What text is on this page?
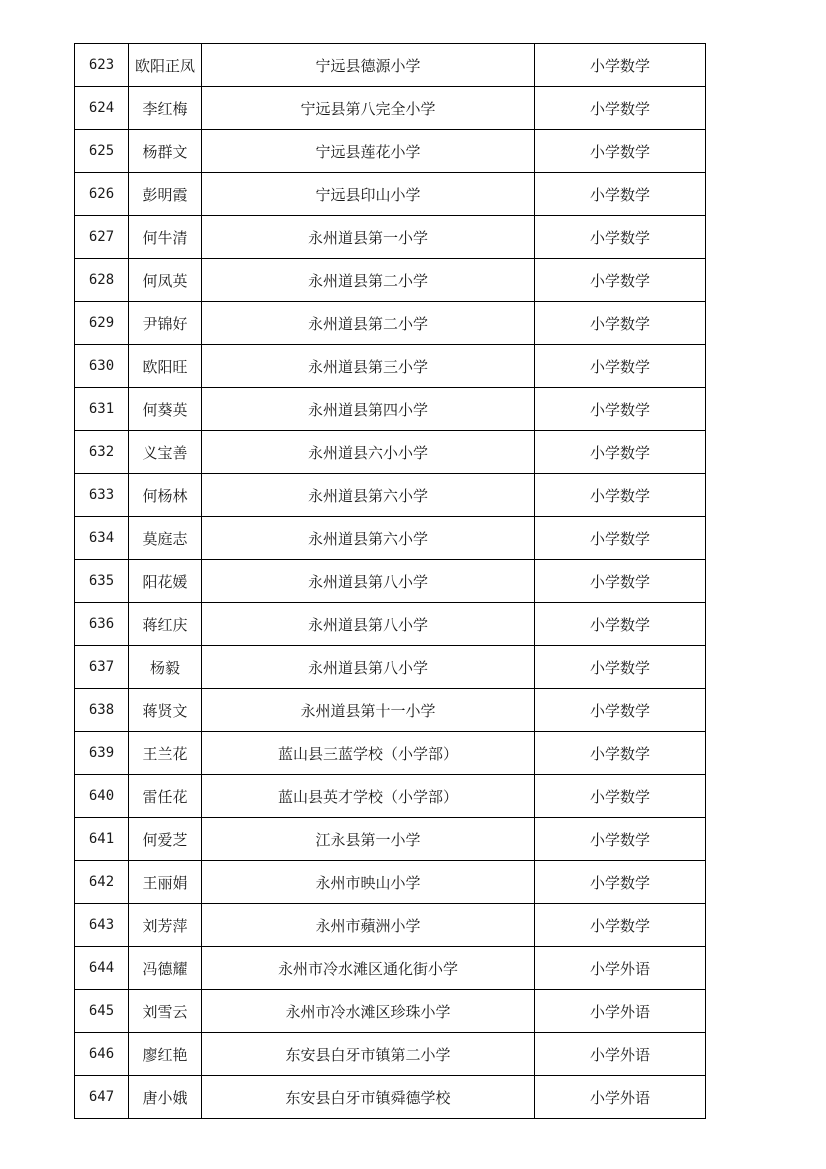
623	欧阳正凤	宁远县德源小学	小学数学
624	李红梅	宁远县第八完全小学	小学数学
625	杨群文	宁远县莲花小学	小学数学
626	彭明霞	宁远县印山小学	小学数学
627	何牛清	永州道县第一小学	小学数学
628	何凤英	永州道县第二小学	小学数学
629	尹锦好	永州道县第二小学	小学数学
630	欧阳旺	永州道县第三小学	小学数学
631	何葵英	永州道县第四小学	小学数学
632	义宝善	永州道县六小小学	小学数学
633	何杨林	永州道县第六小学	小学数学
634	莫庭志	永州道县第六小学	小学数学
635	阳花媛	永州道县第八小学	小学数学
636	蒋红庆	永州道县第八小学	小学数学
637	杨毅	永州道县第八小学	小学数学
638	蒋贤文	永州道县第十一小学	小学数学
639	王兰花	蓝山县三蓝学校（小学部）	小学数学
640	雷任花	蓝山县英才学校（小学部）	小学数学
641	何爱芝	江永县第一小学	小学数学
642	王丽娟	永州市映山小学	小学数学
643	刘芳萍	永州市蘋洲小学	小学数学
644	冯德耀	永州市冷水滩区通化街小学	小学外语
645	刘雪云	永州市冷水滩区珍珠小学	小学外语
646	廖红艳	东安县白牙市镇第二小学	小学外语
647	唐小娥	东安县白牙市镇舜德学校	小学外语
